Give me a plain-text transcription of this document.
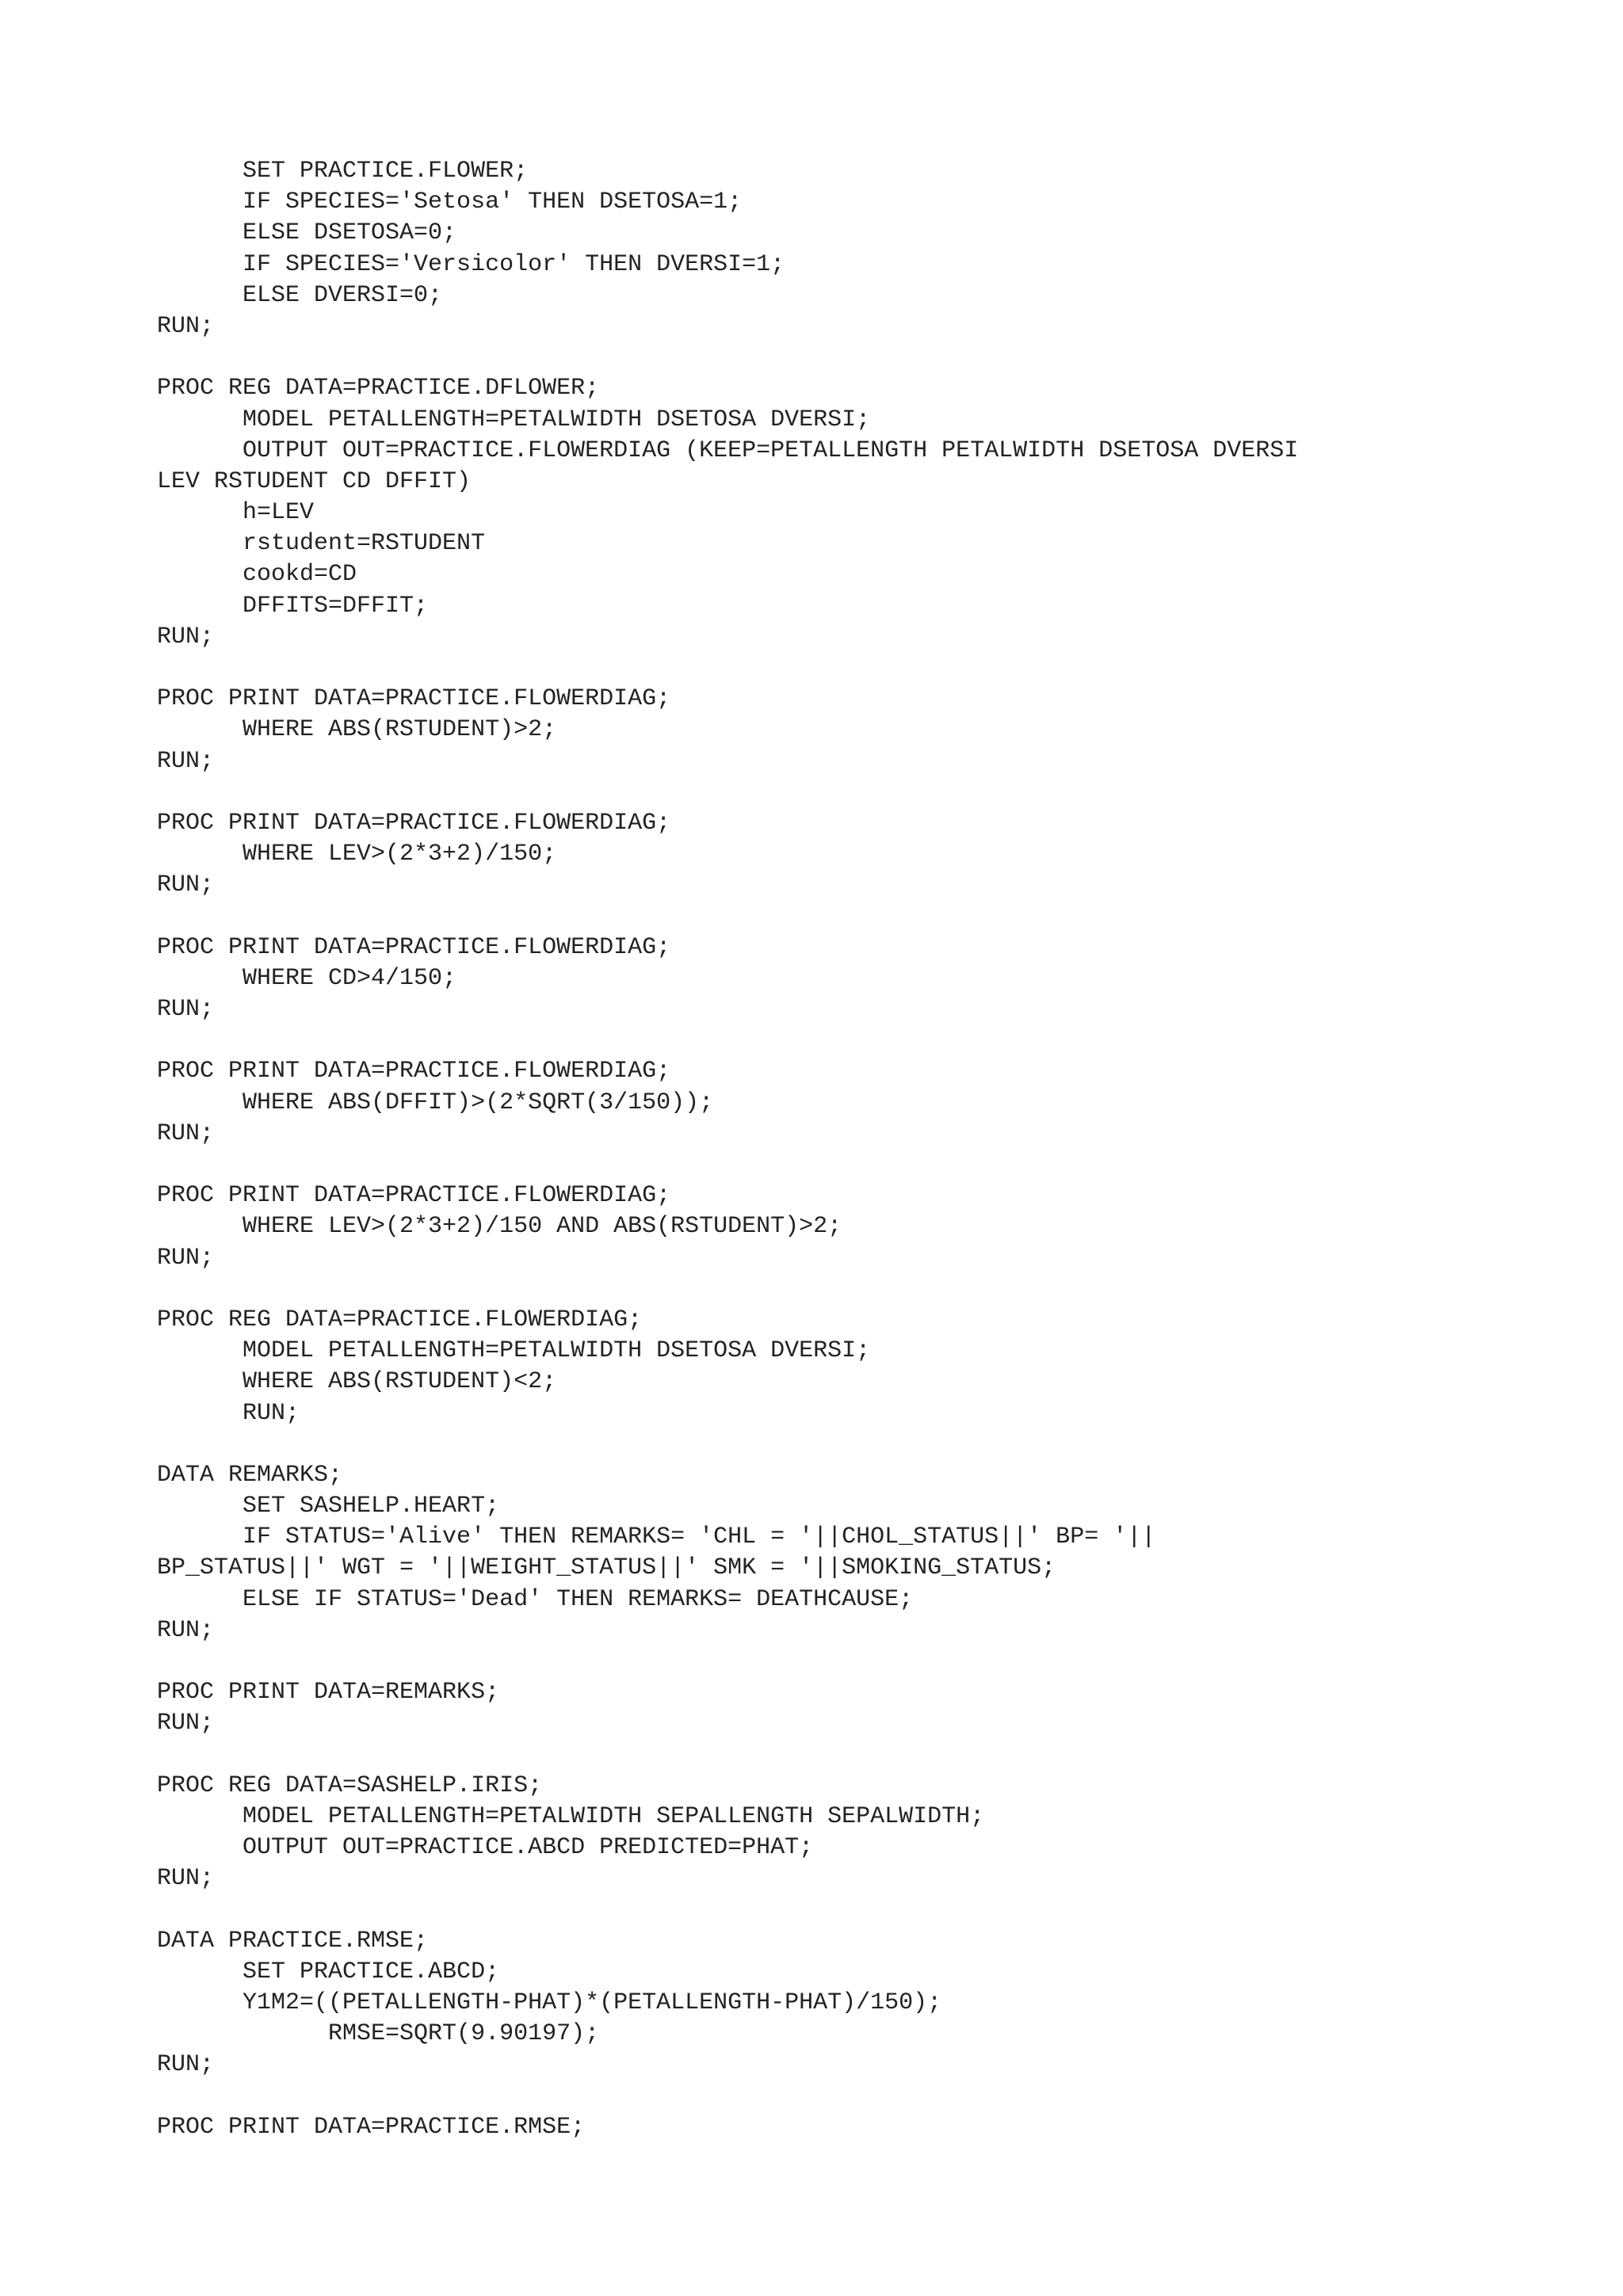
SET PRACTICE.FLOWER;
IF SPECIES='Setosa' THEN DSETOSA=1;
ELSE DSETOSA=0;
IF SPECIES='Versicolor' THEN DVERSI=1;
ELSE DVERSI=0;
RUN;
PROC REG DATA=PRACTICE.DFLOWER;
MODEL PETALLENGTH=PETALWIDTH DSETOSA DVERSI;
OUTPUT OUT=PRACTICE.FLOWERDIAG (KEEP=PETALLENGTH PETALWIDTH DSETOSA DVERSI
LEV RSTUDENT CD DFFIT)
h=LEV
rstudent=RSTUDENT
cookd=CD
DFFITS=DFFIT;
RUN;
PROC PRINT DATA=PRACTICE.FLOWERDIAG;
WHERE ABS(RSTUDENT)>2;
RUN;
PROC PRINT DATA=PRACTICE.FLOWERDIAG;
WHERE LEV>(2*3+2)/150;
RUN;
PROC PRINT DATA=PRACTICE.FLOWERDIAG;
WHERE CD>4/150;
RUN;
PROC PRINT DATA=PRACTICE.FLOWERDIAG;
WHERE ABS(DFFIT)>(2*SQRT(3/150));
RUN;
PROC PRINT DATA=PRACTICE.FLOWERDIAG;
WHERE LEV>(2*3+2)/150 AND ABS(RSTUDENT)>2;
RUN;
PROC REG DATA=PRACTICE.FLOWERDIAG;
MODEL PETALLENGTH=PETALWIDTH DSETOSA DVERSI;
WHERE ABS(RSTUDENT)<2;
RUN;
DATA REMARKS;
SET SASHELP.HEART;
IF STATUS='Alive' THEN REMARKS= 'CHL = '||CHOL_STATUS||' BP= '||
BP_STATUS||' WGT = '||WEIGHT_STATUS||' SMK = '||SMOKING_STATUS;
ELSE IF STATUS='Dead' THEN REMARKS= DEATHCAUSE;
RUN;
PROC PRINT DATA=REMARKS;
RUN;
PROC REG DATA=SASHELP.IRIS;
MODEL PETALLENGTH=PETALWIDTH SEPALLENGTH SEPALWIDTH;
OUTPUT OUT=PRACTICE.ABCD PREDICTED=PHAT;
RUN;
DATA PRACTICE.RMSE;
SET PRACTICE.ABCD;
Y1M2=((PETALLENGTH-PHAT)*(PETALLENGTH-PHAT)/150);
RMSE=SQRT(9.90197);
RUN;
PROC PRINT DATA=PRACTICE.RMSE;
